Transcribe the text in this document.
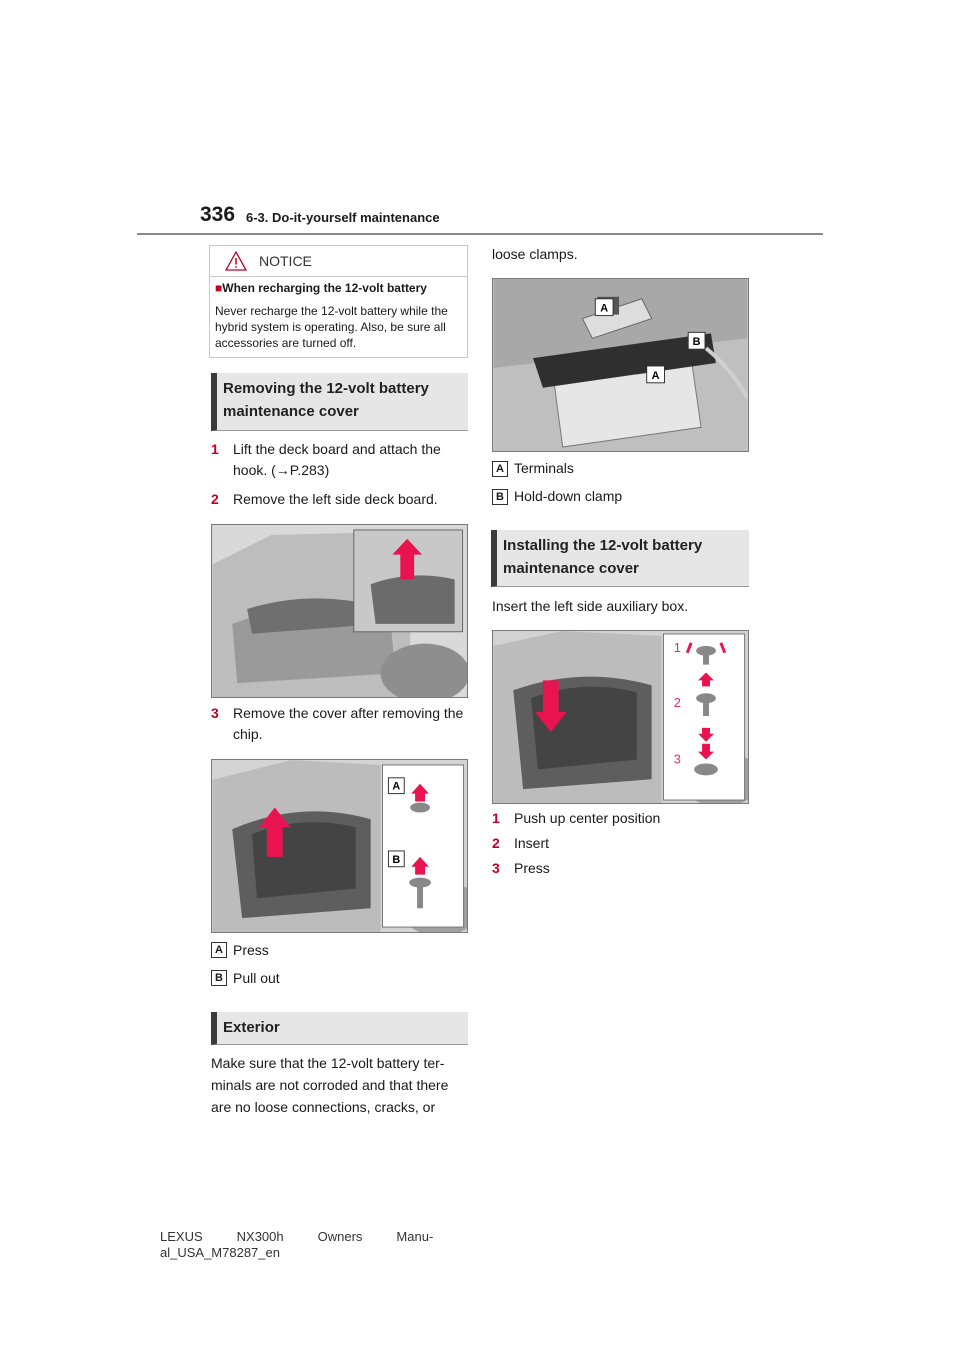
336 6-3. Do-it-yourself maintenance
NOTICE
■When recharging the 12-volt battery
Never recharge the 12-volt battery while the hybrid system is operating. Also, be sure all accessories are turned off.
Removing the 12-volt battery maintenance cover
1	Lift the deck board and attach the hook. (→P.283)
2	Remove the left side deck board.
3	Remove the cover after removing the chip.
A
B
A Press
B Pull out
Exterior
Make sure that the 12-volt battery ter-minals are not corroded and that there are no loose connections, cracks, or
loose clamps.
A
B
A
A Terminals
B Hold-down clamp
Installing the 12-volt battery maintenance cover
Insert the left side auxiliary box.
1
2
3
1	Push up center position
2	Insert
3	Press
LEXUS	NX300h	Owners	Manu-
al_USA_M78287_en
